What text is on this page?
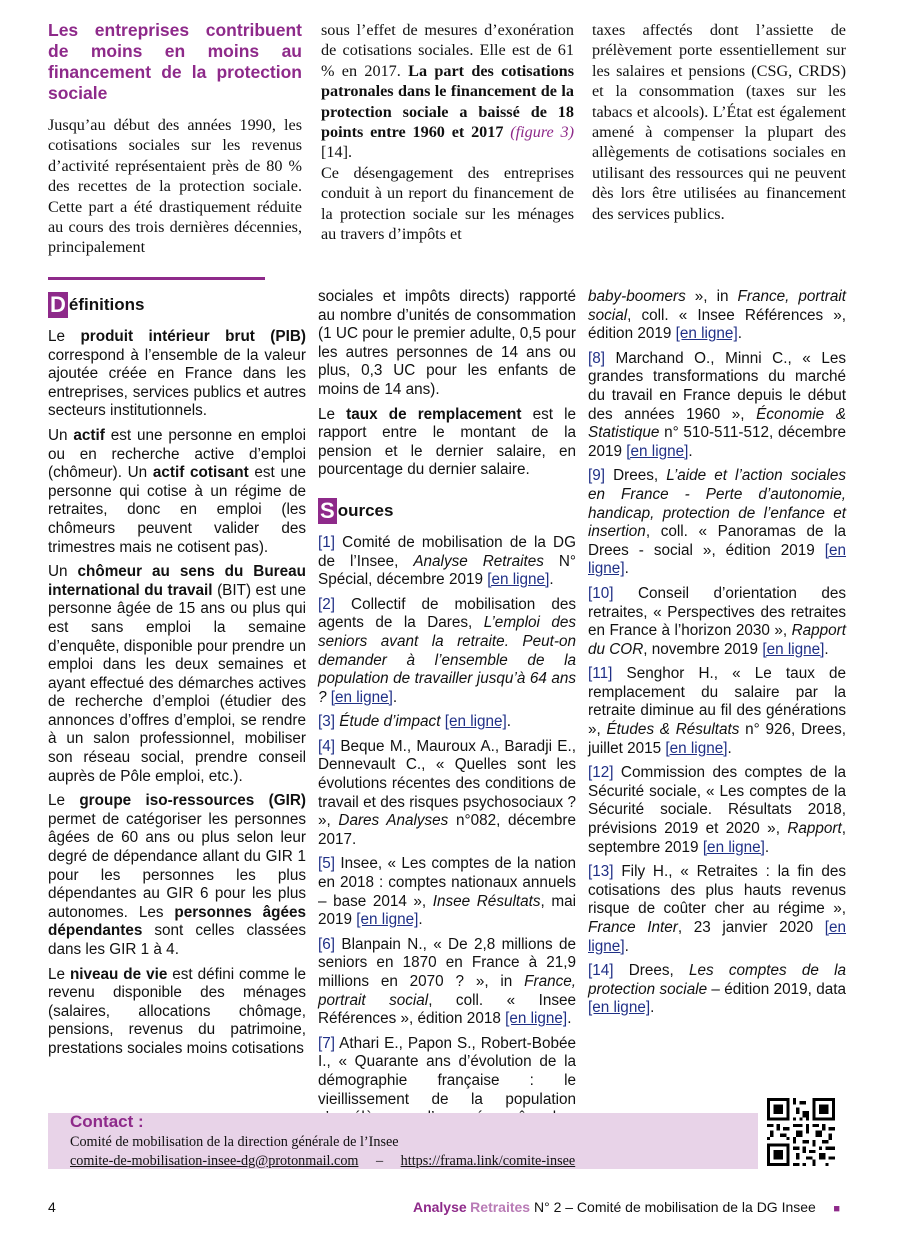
Les entreprises contribuent de moins en moins au financement de la protection sociale

Jusqu’au début des années 1990, les cotisations sociales sur les revenus d’activité représentaient près de 80 % des recettes de la protection sociale. Cette part a été drastiquement réduite au cours des trois dernières décennies, principalement

sous l’effet de mesures d’exonération de cotisations sociales. Elle est de 61 % en 2017. La part des cotisations patronales dans le financement de la protection sociale a baissé de 18 points entre 1960 et 2017 (figure 3) [14].

Ce désengagement des entreprises conduit à un report du financement de la protection sociale sur les ménages au travers d’impôts et

taxes affectés dont l’assiette de prélèvement porte essentiellement sur les salaires et pensions (CSG, CRDS) et la consommation (taxes sur les tabacs et alcools). L’État est également amené à compenser la plupart des allègements de cotisations sociales en utilisant des ressources qui ne peuvent dès lors être utilisées au financement des services publics.

D éfinitions

Le produit intérieur brut (PIB) correspond à l’ensemble de la valeur ajoutée créée en France dans les entreprises, services publics et autres secteurs institutionnels.

Un actif est une personne en emploi ou en recherche active d’emploi (chômeur). Un actif cotisant est une personne qui cotise à un régime de retraites, donc en emploi (les chômeurs peuvent valider des trimestres mais ne cotisent pas).

Un chômeur au sens du Bureau international du travail (BIT) est une personne âgée de 15 ans ou plus qui est sans emploi la semaine d’enquête, disponible pour prendre un emploi dans les deux semaines et ayant effectué des démarches actives de recherche d’emploi (étudier des annonces d’offres d’emploi, se rendre à un salon professionnel, mobiliser son réseau social, prendre conseil auprès de Pôle emploi, etc.).

Le groupe iso-ressources (GIR) permet de catégoriser les personnes âgées de 60 ans ou plus selon leur degré de dépendance allant du GIR 1 pour les personnes les plus dépendantes au GIR 6 pour les plus autonomes. Les personnes âgées dépendantes sont celles classées dans les GIR 1 à 4.

Le niveau de vie est défini comme le revenu disponible des ménages (salaires, allocations chômage, pensions, revenus du patrimoine, prestations sociales moins cotisations

sociales et impôts directs) rapporté au nombre d’unités de consommation (1 UC pour le premier adulte, 0,5 pour les autres personnes de 14 ans ou plus, 0,3 UC pour les enfants de moins de 14 ans).

Le taux de remplacement est le rapport entre le montant de la pension et le dernier salaire, en pourcentage du dernier salaire.

S ources

[1] Comité de mobilisation de la DG de l’Insee, Analyse Retraites N° Spécial, décembre 2019 [en ligne].

[2] Collectif de mobilisation des agents de la Dares, L’emploi des seniors avant la retraite. Peut-on demander à l’ensemble de la population de travailler jusqu’à 64 ans ? [en ligne].

[3] Étude d’impact [en ligne].

[4] Beque M., Mauroux A., Baradji E., Dennevault C., « Quelles sont les évolutions récentes des conditions de travail et des risques psychosociaux ? », Dares Analyses n°082, décembre 2017.

[5] Insee, « Les comptes de la nation en 2018 : comptes nationaux annuels – base 2014 », Insee Résultats, mai 2019 [en ligne].

[6] Blanpain N., « De 2,8 millions de seniors en 1870 en France à 21,9 millions en 2070 ? », in France, portrait social, coll. « Insee Références », édition 2018 [en ligne].

[7] Athari E., Papon S., Robert-Bobée I., « Quarante ans d’évolution de la démographie française : le vieillissement de la population

baby-boomers », in France, portrait social, coll. « Insee Références », édition 2019 [en ligne].

[8] Marchand O., Minni C., « Les grandes transformations du marché du travail en France depuis le début des années 1960 », Économie & Statistique n° 510-511-512, décembre 2019 [en ligne].

[9] Drees, L’aide et l’action sociales en France - Perte d’autonomie, handicap, protection de l’enfance et insertion, coll. « Panoramas de la Drees - social », édition 2019 [en ligne].

[10] Conseil d’orientation des retraites, « Perspectives des retraites en France à l’horizon 2030 », Rapport du COR, novembre 2019 [en ligne].

[11] Senghor H., « Le taux de remplacement du salaire par la retraite diminue au fil des générations », Études & Résultats n° 926, Drees, juillet 2015 [en ligne].

[12] Commission des comptes de la Sécurité sociale, « Les comptes de la Sécurité sociale. Résultats 2018, prévisions 2019 et 2020 », Rapport, septembre 2019 [en ligne].

[13] Fily H., « Retraites : la fin des cotisations des plus hauts revenus risque de coûter cher au régime », France Inter, 23 janvier 2020 [en ligne].

[14] Drees, Les comptes de la protection sociale – édition 2019, data [en ligne].

Contact :
Comité de mobilisation de la direction générale de l’Insee
comite-de-mobilisation-insee-dg@protonmail.com – https://frama.link/comite-insee
4	Analyse Retraites N° 2 – Comité de mobilisation de la DG Insee ■
